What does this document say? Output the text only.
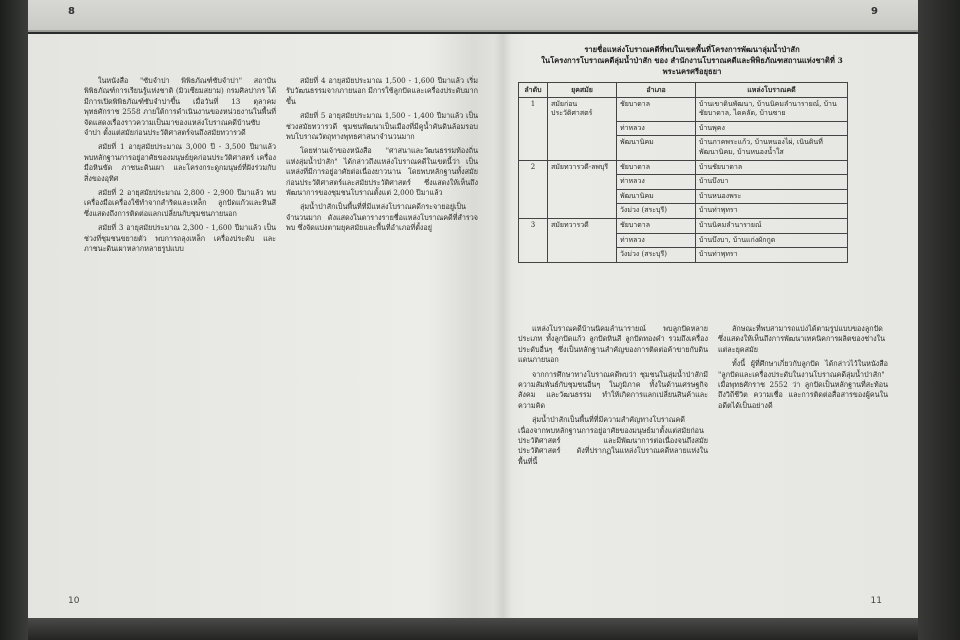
8	9

ในหนังสือ "ซับจำปา พิพิธภัณฑ์ซับจำปา" สถาบันพิพิธภัณฑ์การเรียนรู้แห่งชาติ (มิวเซียมสยาม) กรมศิลปากร ได้มีการเปิดพิพิธภัณฑ์ซับจำปาขึ้น เมื่อวันที่ 13 ตุลาคม พุทธศักราช 2558 ภายใต้การดำเนินงานของหน่วยงานในพื้นที่ จัดแสดงเรื่องราวความเป็นมาของแหล่งโบราณคดีบ้านซับจำปา ตั้งแต่สมัยก่อนประวัติศาสตร์จนถึงสมัยทวารวดี

สมัยที่ 1 อายุสมัยประมาณ 3,000 ปี - 3,500 ปีมาแล้ว พบหลักฐานการอยู่อาศัยของมนุษย์ยุคก่อนประวัติศาสตร์ เครื่องมือหินขัด ภาชนะดินเผา และโครงกระดูกมนุษย์ที่ฝังร่วมกับสิ่งของอุทิศ

สมัยที่ 2 อายุสมัยประมาณ 2,800 - 2,900 ปีมาแล้ว พบเครื่องมือเครื่องใช้ทำจากสำริดและเหล็ก ลูกปัดแก้วและหินสี ซึ่งแสดงถึงการติดต่อแลกเปลี่ยนกับชุมชนภายนอก

สมัยที่ 3 อายุสมัยประมาณ 2,300 - 1,600 ปีมาแล้ว เป็นช่วงที่ชุมชนขยายตัว พบการถลุงเหล็ก เครื่องประดับ และภาชนะดินเผาหลากหลายรูปแบบ

สมัยที่ 4 อายุสมัยประมาณ 1,500 - 1,600 ปีมาแล้ว เริ่มรับวัฒนธรรมจากภายนอก มีการใช้ลูกปัดและเครื่องประดับมากขึ้น

สมัยที่ 5 อายุสมัยประมาณ 1,500 - 1,400 ปีมาแล้ว เป็นช่วงสมัยทวารวดี ชุมชนพัฒนาเป็นเมืองที่มีคูน้ำคันดินล้อมรอบ พบโบราณวัตถุทางพุทธศาสนาจำนวนมาก

โดยท่านเจ้าของหนังสือ "ศาสนาและวัฒนธรรมท้องถิ่นแห่งลุ่มน้ำป่าสัก" ได้กล่าวถึงแหล่งโบราณคดีในเขตนี้ว่า เป็นแหล่งที่มีการอยู่อาศัยต่อเนื่องยาวนาน โดยพบหลักฐานทั้งสมัยก่อนประวัติศาสตร์และสมัยประวัติศาสตร์ ซึ่งแสดงให้เห็นถึงพัฒนาการของชุมชนโบราณตั้งแต่ 2,000 ปีมาแล้ว

ลุ่มน้ำป่าสักเป็นพื้นที่ที่มีแหล่งโบราณคดีกระจายอยู่เป็นจำนวนมาก ดังแสดงในตารางรายชื่อแหล่งโบราณคดีที่สำรวจพบ ซึ่งจัดแบ่งตามยุคสมัยและพื้นที่อำเภอที่ตั้งอยู่

10
รายชื่อแหล่งโบราณคดีที่พบในเขตพื้นที่โครงการพัฒนาลุ่มน้ำป่าสัก
ในโครงการโบราณคดีลุ่มน้ำป่าสัก ของ สำนักงานโบราณคดีและพิพิธภัณฑสถานแห่งชาติที่ 3 พระนครศรีอยุธยา
ลำดับ	ยุคสมัย	อำเภอ	แหล่งโบราณคดี
1	สมัยก่อนประวัติศาสตร์	ชัยบาดาล	บ้านเขาดินพัฒนา, บ้านนิคมลำนารายณ์, บ้านชัยบาดาล, ไดคลัด, บ้านซาย
		ท่าหลวง	บ้านพุคง
		พัฒนานิคม	บ้านภาคพระแก้ว, บ้านหนองไผ่, เนินดินที่พัฒนานิคม, บ้านหนองน้ำใส
2	สมัยทวารวดี-ลพบุรี	ชัยบาดาล	บ้านชัยบาดาล
		ท่าหลวง	บ้านบึงบา
		พัฒนานิคม	บ้านหนองพระ
		วังม่วง (สระบุรี)	บ้านท่าพุทรา
3	สมัยทวารวดี	ชัยบาดาล	บ้านนิคมลำนารายณ์
		ท่าหลวง	บ้านบึงบา, บ้านแก่งผักกูด
		วังม่วง (สระบุรี)	บ้านท่าพุทรา

แหล่งโบราณคดีบ้านนิคมลำนารายณ์ พบลูกปัดหลายประเภท ทั้งลูกปัดแก้ว ลูกปัดหินสี ลูกปัดทองคำ รวมถึงเครื่องประดับอื่นๆ ซึ่งเป็นหลักฐานสำคัญของการติดต่อค้าขายกับดินแดนภายนอก

จากการศึกษาทางโบราณคดีพบว่า ชุมชนในลุ่มน้ำป่าสักมีความสัมพันธ์กับชุมชนอื่นๆ ในภูมิภาค ทั้งในด้านเศรษฐกิจ สังคม และวัฒนธรรม ทำให้เกิดการแลกเปลี่ยนสินค้าและความคิด

ลุ่มน้ำป่าสักเป็นพื้นที่ที่มีความสำคัญทางโบราณคดี เนื่องจากพบหลักฐานการอยู่อาศัยของมนุษย์มาตั้งแต่สมัยก่อนประวัติศาสตร์ และมีพัฒนาการต่อเนื่องจนถึงสมัยประวัติศาสตร์ ดังที่ปรากฏในแหล่งโบราณคดีหลายแห่งในพื้นที่นี้

ลักษณะที่พบสามารถแบ่งได้ตามรูปแบบของลูกปัด ซึ่งแสดงให้เห็นถึงการพัฒนาเทคนิคการผลิตของช่างในแต่ละยุคสมัย

ทั้งนี้ ผู้ที่ศึกษาเกี่ยวกับลูกปัด ได้กล่าวไว้ในหนังสือ "ลูกปัดและเครื่องประดับในงานโบราณคดีลุ่มน้ำป่าสัก" เมื่อพุทธศักราช 2552 ว่า ลูกปัดเป็นหลักฐานที่สะท้อนถึงวิถีชีวิต ความเชื่อ และการติดต่อสื่อสารของผู้คนในอดีตได้เป็นอย่างดี

11
